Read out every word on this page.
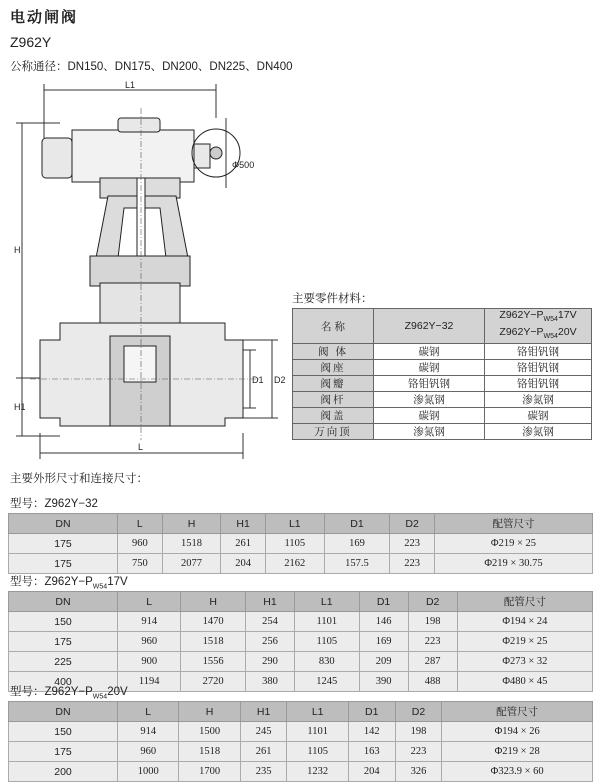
电动闸阀
Z962Y
公称通径：DN150、DN175、DN200、DN225、DN400
L1
H
H1
L
D1 D2
Φ500
主要零件材料：
名 称	Z962Y−32	$Z962Y-P_{W54}17V$
$Z962Y-P_{W54}20V$
阀 体	碳钢	铬钼钒钢
阀座	碳钢	铬钼钒钢
阀瓣	铬钼钒钢	铬钼钒钢
阀杆	渗氮钢	渗氮钢
阀盖	碳钢	碳钢
万向顶	渗氮钢	渗氮钢
主要外形尺寸和连接尺寸：
型号：Z962Y−32
DN	L	H	H1	L1	D1	D2	配管尺寸
175	960	1518	261	1105	169	223	Φ219 × 25
175	750	2077	204	2162	157.5	223	Φ219 × 30.75
型号：$Z962Y-P_{W54}17V$
DN	L	H	H1	L1	D1	D2	配管尺寸
150	914	1470	254	1101	146	198	Φ194 × 24
175	960	1518	256	1105	169	223	Φ219 × 25
225	900	1556	290	830	209	287	Φ273 × 32
400	1194	2720	380	1245	390	488	Φ480 × 45
型号：$Z962Y-P_{W54}20V$
DN	L	H	H1	L1	D1	D2	配管尺寸
150	914	1500	245	1101	142	198	Φ194 × 26
175	960	1518	261	1105	163	223	Φ219 × 28
200	1000	1700	235	1232	204	326	Φ323.9 × 60
